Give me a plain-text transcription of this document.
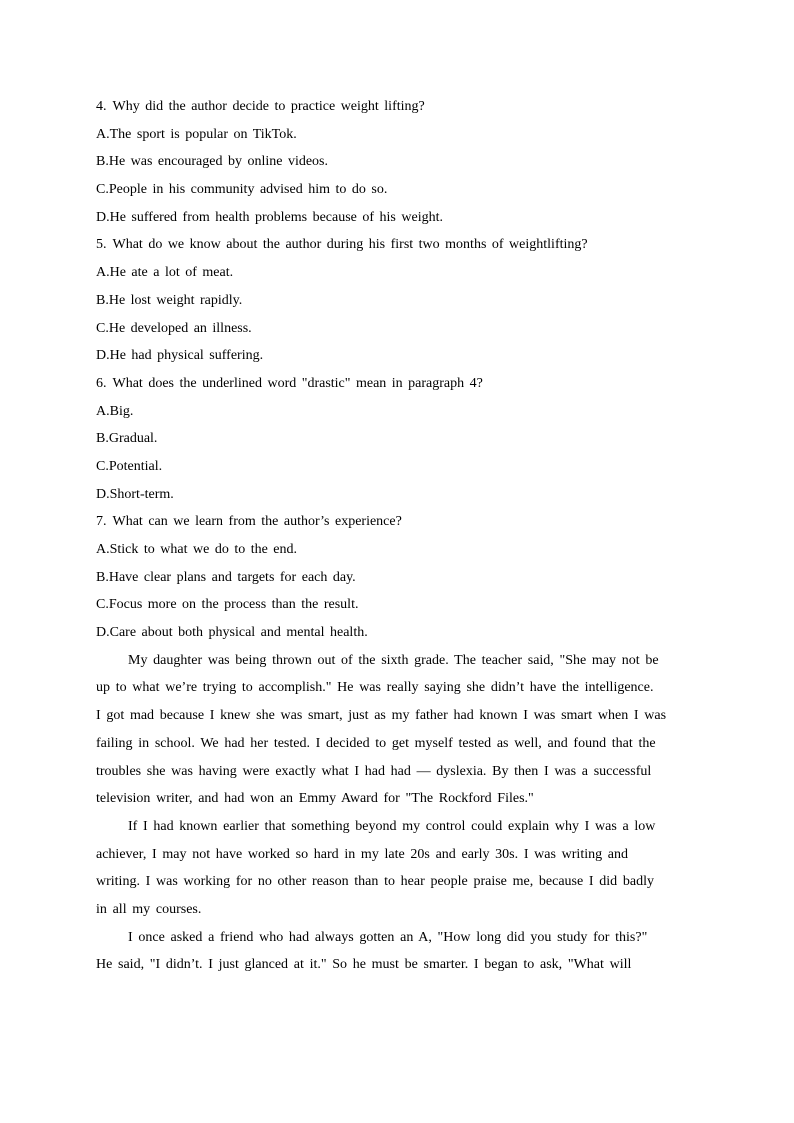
4. Why did the author decide to practice weight lifting?
A.The sport is popular on TikTok.
B.He was encouraged by online videos.
C.People in his community advised him to do so.
D.He suffered from health problems because of his weight.
5. What do we know about the author during his first two months of weightlifting?
A.He ate a lot of meat.
B.He lost weight rapidly.
C.He developed an illness.
D.He had physical suffering.
6. What does the underlined word "drastic" mean in paragraph 4?
A.Big.
B.Gradual.
C.Potential.
D.Short-term.
7. What can we learn from the author’s experience?
A.Stick to what we do to the end.
B.Have clear plans and targets for each day.
C.Focus more on the process than the result.
D.Care about both physical and mental health.
My daughter was being thrown out of the sixth grade. The teacher said, "She may not be
up to what we’re trying to accomplish." He was really saying she didn’t have the intelligence.
I got mad because I knew she was smart, just as my father had known I was smart when I was
failing in school. We had her tested. I decided to get myself tested as well, and found that the
troubles she was having were exactly what I had had — dyslexia. By then I was a successful
television writer, and had won an Emmy Award for "The Rockford Files."
If I had known earlier that something beyond my control could explain why I was a low
achiever, I may not have worked so hard in my late 20s and early 30s. I was writing and
writing. I was working for no other reason than to hear people praise me, because I did badly
in all my courses.
I once asked a friend who had always gotten an A, "How long did you study for this?"
He said, "I didn’t. I just glanced at it." So he must be smarter. I began to ask, "What will
